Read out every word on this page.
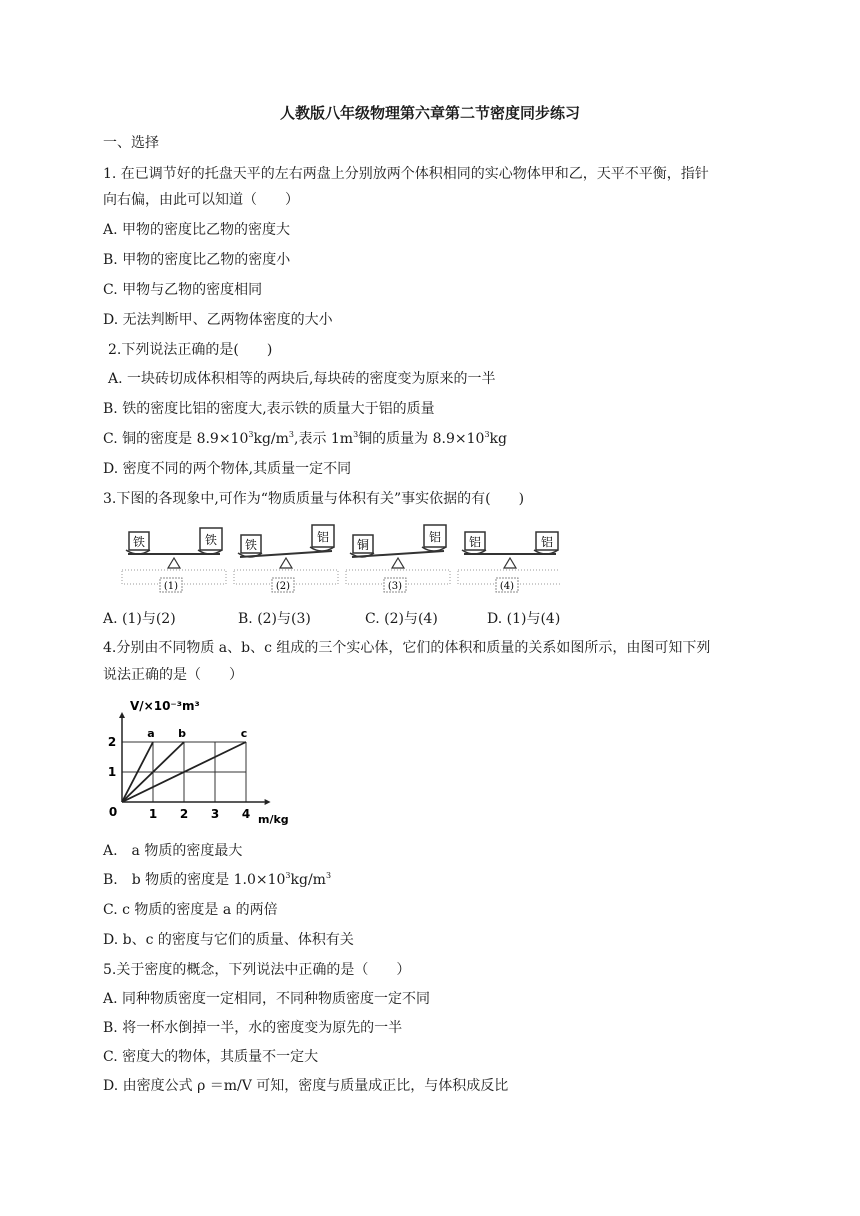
人教版八年级物理第六章第二节密度同步练习
一、选择
1. 在已调节好的托盘天平的左右两盘上分别放两个体积相同的实心物体甲和乙，天平不平衡，指针
向右偏，由此可以知道（　　）
A. 甲物的密度比乙物的密度大
B. 甲物的密度比乙物的密度小
C. 甲物与乙物的密度相同
D. 无法判断甲、乙两物体密度的大小
2.下列说法正确的是(　　)
A. 一块砖切成体积相等的两块后,每块砖的密度变为原来的一半
B. 铁的密度比铝的密度大,表示铁的质量大于铝的质量
C. 铜的密度是 $8.9\times 10^3kg/m^3$,表示 $1m^3$铜的质量为 $8.9\times 10^3kg$
D. 密度不同的两个物体,其质量一定不同
3.下图的各现象中,可作为“物质质量与体积有关”事实依据的有(　　)
铁	铁
(1)
铁
铝
(2)
铜
铝
(3)
铝	铝
(4)
A. (1)与(2)	B. (2)与(3)	C. (2)与(4)	D. (1)与(4)
4.分别由不同物质 a、b、c 组成的三个实心体，它们的体积和质量的关系如图所示，由图可知下列
说法正确的是（　　）
a b	c
1 2 3 4
1
2
0
V/×10⁻³m³
m/kg
A.　a 物质的密度最大
B.　b 物质的密度是 $1.0\times 10^3kg/m^3$
C. c 物质的密度是 a 的两倍
D. b、c 的密度与它们的质量、体积有关
5.关于密度的概念，下列说法中正确的是（　　）
A. 同种物质密度一定相同，不同种物质密度一定不同
B. 将一杯水倒掉一半，水的密度变为原先的一半
C. 密度大的物体，其质量不一定大
D. 由密度公式 ρ ＝m/V 可知，密度与质量成正比，与体积成反比
